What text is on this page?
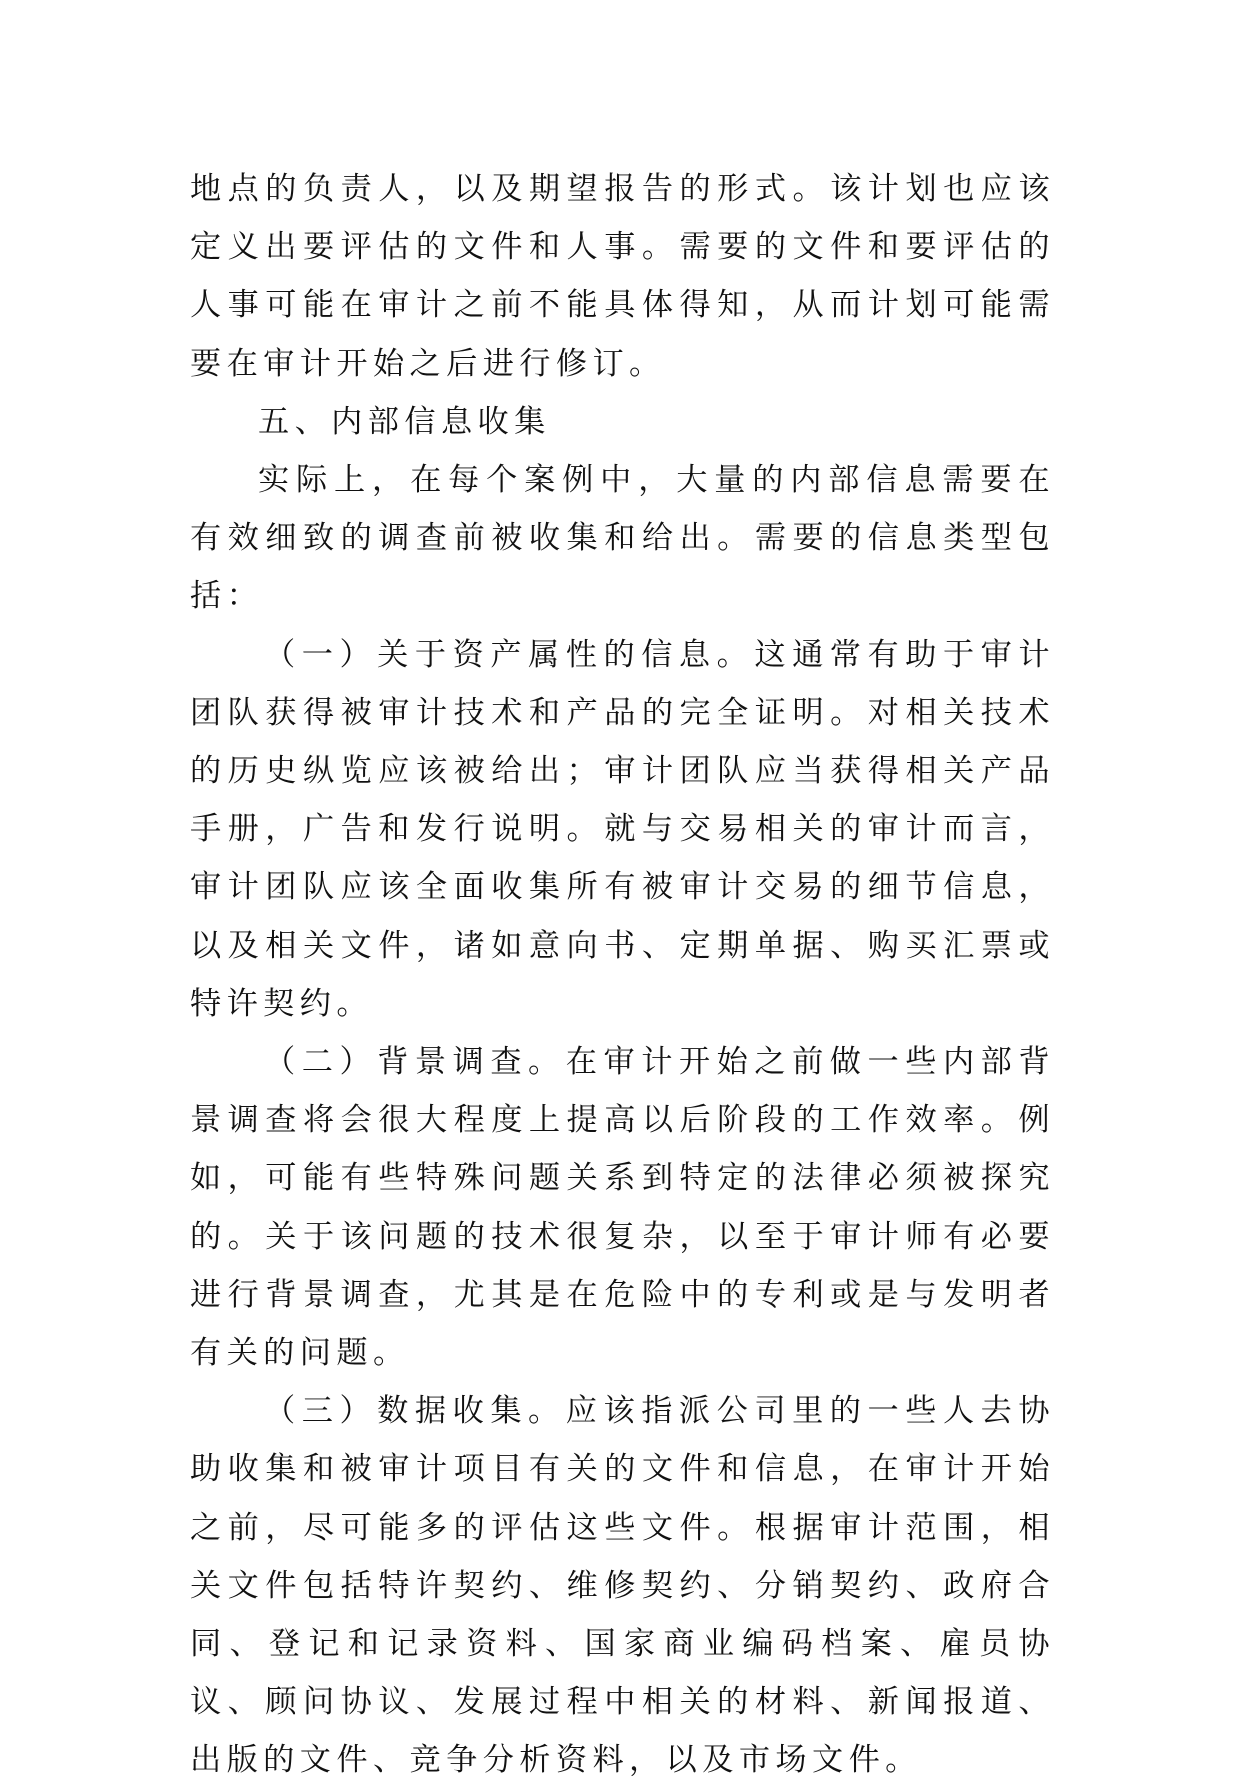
地点的负责人，以及期望报告的形式。该计划也应该定义出要评估的文件和人事。需要的文件和要评估的人事可能在审计之前不能具体得知，从而计划可能需要在审计开始之后进行修订。

五、内部信息收集

实际上，在每个案例中，大量的内部信息需要在有效细致的调查前被收集和给出。需要的信息类型包括：

（一）关于资产属性的信息。这通常有助于审计团队获得被审计技术和产品的完全证明。对相关技术的历史纵览应该被给出；审计团队应当获得相关产品手册，广告和发行说明。就与交易相关的审计而言，审计团队应该全面收集所有被审计交易的细节信息，以及相关文件，诸如意向书、定期单据、购买汇票或特许契约。

（二）背景调查。在审计开始之前做一些内部背景调查将会很大程度上提高以后阶段的工作效率。例如，可能有些特殊问题关系到特定的法律必须被探究的。关于该问题的技术很复杂，以至于审计师有必要进行背景调查，尤其是在危险中的专利或是与发明者有关的问题。

（三）数据收集。应该指派公司里的一些人去协助收集和被审计项目有关的文件和信息，在审计开始之前，尽可能多的评估这些文件。根据审计范围，相关文件包括特许契约、维修契约、分销契约、政府合同、登记和记录资料、国家商业编码档案、雇员协议、顾问协议、发展过程中相关的材料、新闻报道、出版的文件、竞争分析资料，以及市场文件。
